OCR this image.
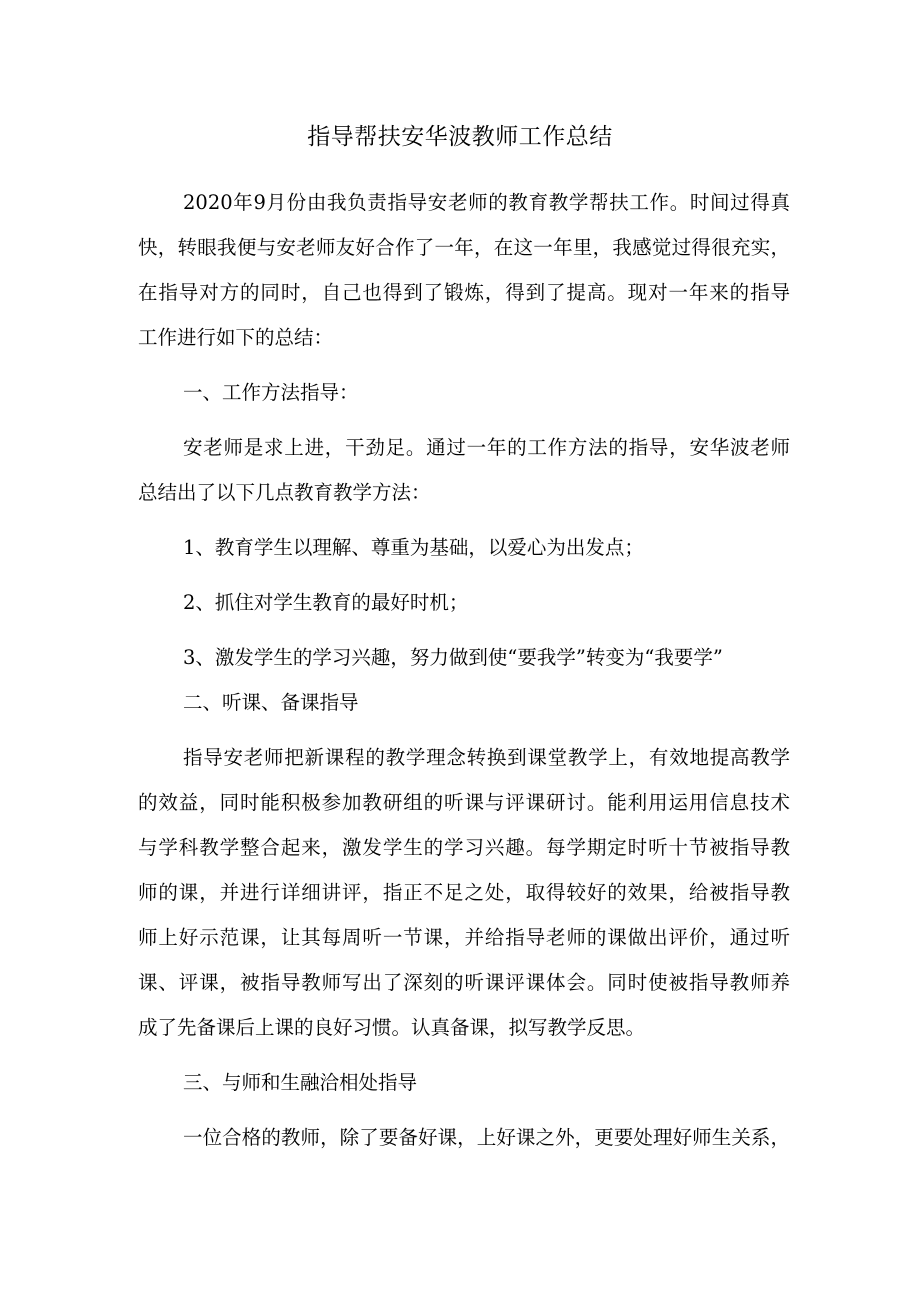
指导帮扶安华波教师工作总结
2020年9月份由我负责指导安老师的教育教学帮扶工作。时间过得真
快，转眼我便与安老师友好合作了一年，在这一年里，我感觉过得很充实，
在指导对方的同时，自己也得到了锻炼，得到了提高。现对一年来的指导
工作进行如下的总结：
一、工作方法指导：
安老师是求上进，干劲足。通过一年的工作方法的指导，安华波老师
总结出了以下几点教育教学方法：
1、教育学生以理解、尊重为基础，以爱心为出发点；
2、抓住对学生教育的最好时机；
3、激发学生的学习兴趣，努力做到使“要我学”转变为“我要学”
二、听课、备课指导
指导安老师把新课程的教学理念转换到课堂教学上，有效地提高教学
的效益，同时能积极参加教研组的听课与评课研讨。能利用运用信息技术
与学科教学整合起来，激发学生的学习兴趣。每学期定时听十节被指导教
师的课，并进行详细讲评，指正不足之处，取得较好的效果，给被指导教
师上好示范课，让其每周听一节课，并给指导老师的课做出评价，通过听
课、评课，被指导教师写出了深刻的听课评课体会。同时使被指导教师养
成了先备课后上课的良好习惯。认真备课，拟写教学反思。
三、与师和生融洽相处指导
一位合格的教师，除了要备好课，上好课之外，更要处理好师生关系，
